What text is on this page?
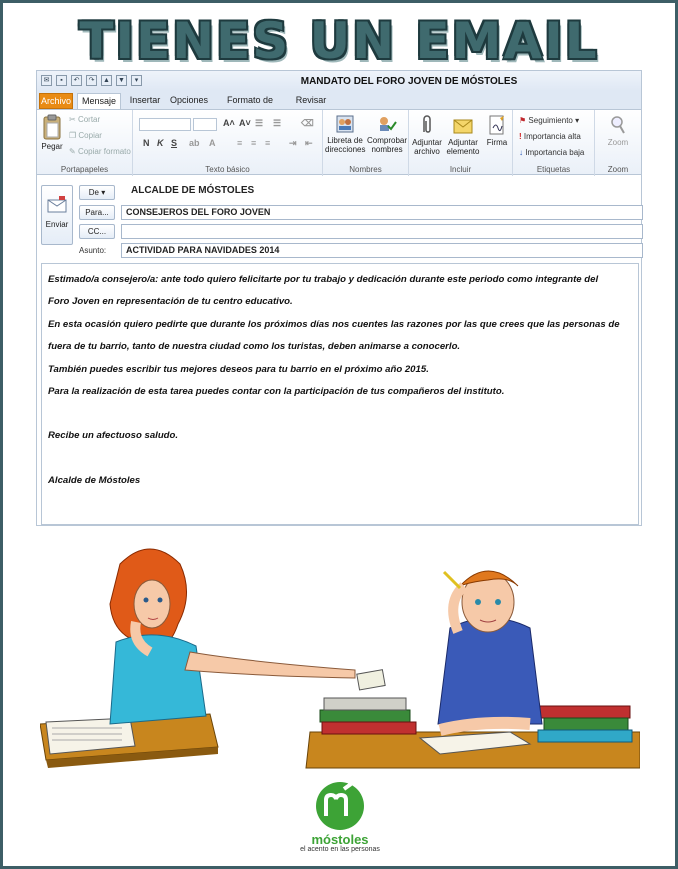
TIENES UN EMAIL
✉	▪	↶	↷	▲ ▼	▾	MANDATO DEL FORO JOVEN DE MÓSTOLES
Archivo	Mensaje	Insertar	Opciones	Formato de	Revisar
Pegar
✂ Cortar
❐ Copiar
✎ Copiar formato
Portapapeles
A˄ A˅ ☰ ☰ ⌫
N K S ab A ≡ ≡ ≡ ⇥ ⇤
Texto básico
Libreta de
direcciones
Comprobar
nombres
Nombres
Adjuntar
archivo
Adjuntar
elemento
Firma
Incluir
⚑ Seguimiento ▾
! Importancia alta
↓ Importancia baja
Etiquetas
Zoom
Zoom
Enviar
De ▾	ALCALDE DE MÓSTOLES
Para...	CONSEJEROS DEL FORO JOVEN
CC...
Asunto:	ACTIVIDAD PARA NAVIDADES 2014

Estimado/a consejero/a: ante todo quiero felicitarte por tu trabajo y dedicación durante este periodo como integrante del

Foro Joven en representación de tu centro educativo.

En esta ocasión quiero pedirte que durante los próximos días nos cuentes las razones por las que crees que las personas de

fuera de tu barrio, tanto de nuestra ciudad como los turistas, deben animarse a conocerlo.

También puedes escribir tus mejores deseos para tu barrio en el próximo año 2015.

Para la realización de esta tarea puedes contar con la participación de tus compañeros del instituto.

Recibe un afectuoso saludo.

Alcalde de Móstoles

móstoles
el acento en las personas
